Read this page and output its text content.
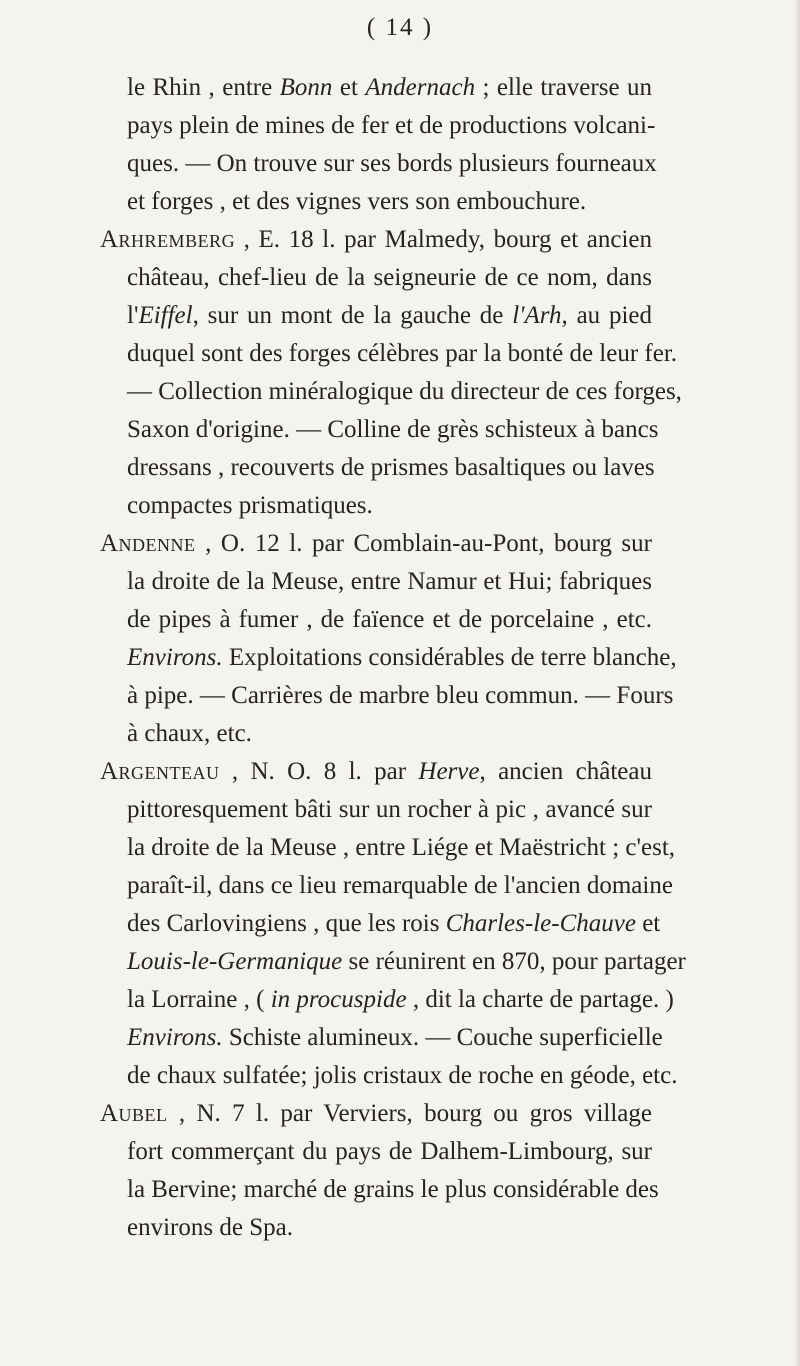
( 14 )
le Rhin , entre Bonn et Andernach ; elle traverse un
pays plein de mines de fer et de productions volcani-
ques. — On trouve sur ses bords plusieurs fourneaux
et forges , et des vignes vers son embouchure.
Arhremberg , E. 18 l. par Malmedy, bourg et ancien
château, chef-lieu de la seigneurie de ce nom, dans
l'Eiffel, sur un mont de la gauche de l'Arh, au pied
duquel sont des forges célèbres par la bonté de leur fer.
— Collection minéralogique du directeur de ces forges,
Saxon d'origine. — Colline de grès schisteux à bancs
dressans , recouverts de prismes basaltiques ou laves
compactes prismatiques.
Andenne , O. 12 l. par Comblain-au-Pont, bourg sur
la droite de la Meuse, entre Namur et Hui; fabriques
de pipes à fumer , de faïence et de porcelaine , etc.
Environs. Exploitations considérables de terre blanche,
à pipe. — Carrières de marbre bleu commun. — Fours
à chaux, etc.
Argenteau , N. O. 8 l. par Herve, ancien château
pittoresquement bâti sur un rocher à pic , avancé sur
la droite de la Meuse , entre Liége et Maëstricht ; c'est,
paraît-il, dans ce lieu remarquable de l'ancien domaine
des Carlovingiens , que les rois Charles-le-Chauve et
Louis-le-Germanique se réunirent en 870, pour partager
la Lorraine , ( in procuspide , dit la charte de partage. )
Environs. Schiste alumineux. — Couche superficielle
de chaux sulfatée; jolis cristaux de roche en géode, etc.
Aubel , N. 7 l. par Verviers, bourg ou gros village
fort commerçant du pays de Dalhem-Limbourg, sur
la Bervine; marché de grains le plus considérable des
environs de Spa.
